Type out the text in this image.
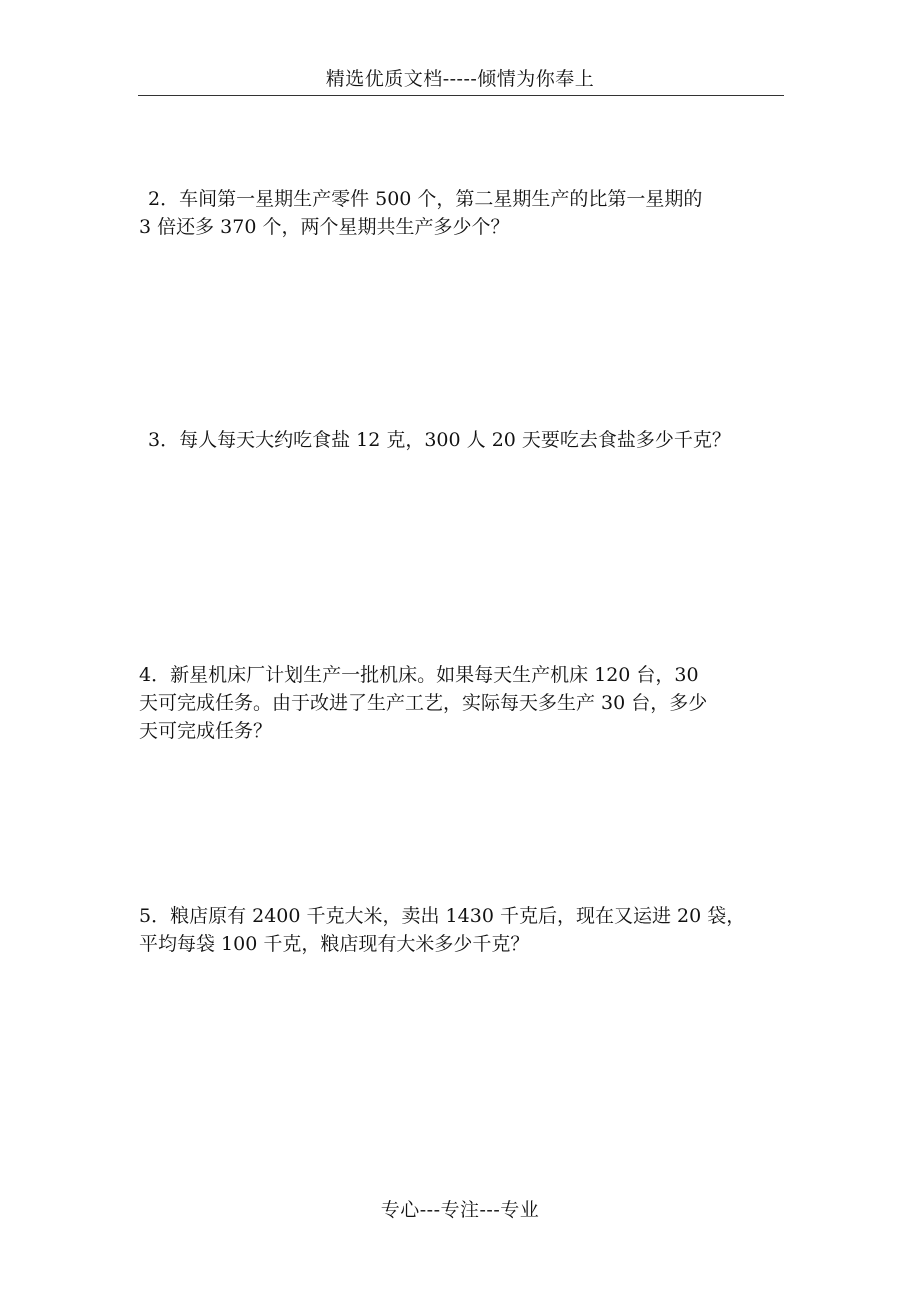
精选优质文档-----倾情为你奉上
2．车间第一星期生产零件 500 个，第二星期生产的比第一星期的
3 倍还多 370 个，两个星期共生产多少个？
3．每人每天大约吃食盐 12 克，300 人 20 天要吃去食盐多少千克？
4．新星机床厂计划生产一批机床。如果每天生产机床 120 台，30
天可完成任务。由于改进了生产工艺，实际每天多生产 30 台，多少
天可完成任务？
5．粮店原有 2400 千克大米，卖出 1430 千克后，现在又运进 20 袋，
平均每袋 100 千克，粮店现有大米多少千克？
专心---专注---专业
